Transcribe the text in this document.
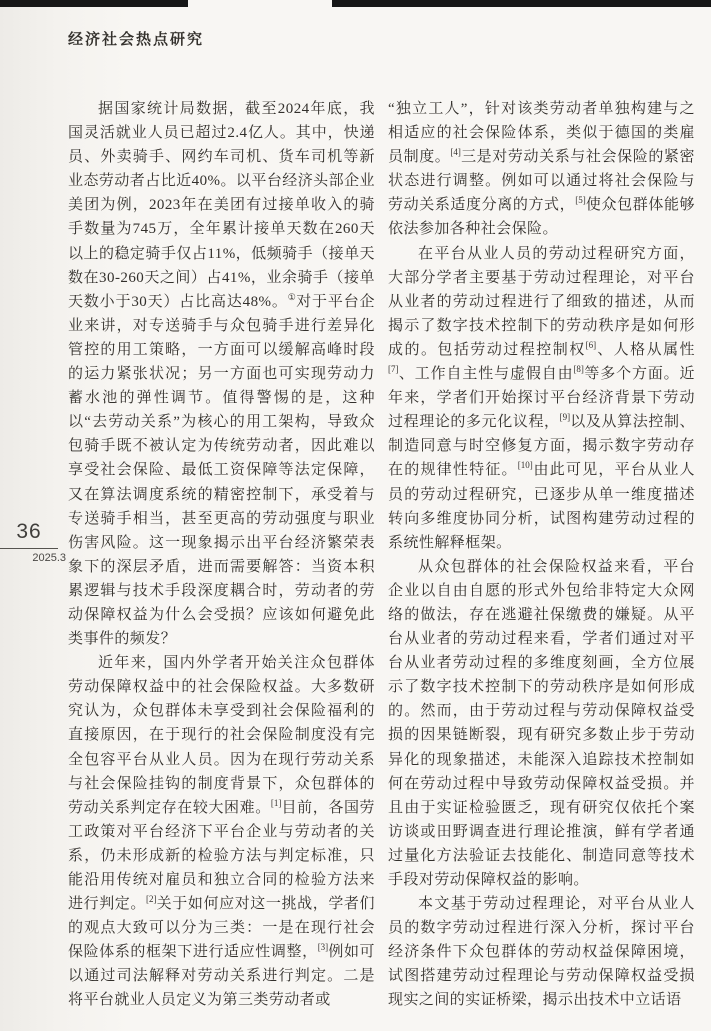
经济社会热点研究
36
2025.3

据国家统计局数据，截至2024年底，我国灵活就业人员已超过2.4亿人。其中，快递员、外卖骑手、网约车司机、货车司机等新业态劳动者占比近40%。以平台经济头部企业美团为例，2023年在美团有过接单收入的骑手数量为745万，全年累计接单天数在260天以上的稳定骑手仅占11%，低频骑手（接单天数在30-260天之间）占41%，业余骑手（接单天数小于30天）占比高达48%。①对于平台企业来讲，对专送骑手与众包骑手进行差异化管控的用工策略，一方面可以缓解高峰时段的运力紧张状况；另一方面也可实现劳动力蓄水池的弹性调节。值得警惕的是，这种以“去劳动关系”为核心的用工架构，导致众包骑手既不被认定为传统劳动者，因此难以享受社会保险、最低工资保障等法定保障，又在算法调度系统的精密控制下，承受着与专送骑手相当，甚至更高的劳动强度与职业伤害风险。这一现象揭示出平台经济繁荣表象下的深层矛盾，进而需要解答：当资本积累逻辑与技术手段深度耦合时，劳动者的劳动保障权益为什么会受损？应该如何避免此类事件的频发？

近年来，国内外学者开始关注众包群体劳动保障权益中的社会保险权益。大多数研究认为，众包群体未享受到社会保险福利的直接原因，在于现行的社会保险制度没有完全包容平台从业人员。因为在现行劳动关系与社会保险挂钩的制度背景下，众包群体的劳动关系判定存在较大困难。[1]目前，各国劳工政策对平台经济下平台企业与劳动者的关系，仍未形成新的检验方法与判定标准，只能沿用传统对雇员和独立合同的检验方法来进行判定。[2]关于如何应对这一挑战，学者们的观点大致可以分为三类：一是在现行社会保险体系的框架下进行适应性调整，[3]例如可以通过司法解释对劳动关系进行判定。二是将平台就业人员定义为第三类劳动者或

“独立工人”，针对该类劳动者单独构建与之相适应的社会保险体系，类似于德国的类雇员制度。[4]三是对劳动关系与社会保险的紧密状态进行调整。例如可以通过将社会保险与劳动关系适度分离的方式，[5]使众包群体能够依法参加各种社会保险。

在平台从业人员的劳动过程研究方面，大部分学者主要基于劳动过程理论，对平台从业者的劳动过程进行了细致的描述，从而揭示了数字技术控制下的劳动秩序是如何形成的。包括劳动过程控制权[6]、人格从属性[7]、工作自主性与虚假自由[8]等多个方面。近年来，学者们开始探讨平台经济背景下劳动过程理论的多元化议程，[9]以及从算法控制、制造同意与时空修复方面，揭示数字劳动存在的规律性特征。[10]由此可见，平台从业人员的劳动过程研究，已逐步从单一维度描述转向多维度协同分析，试图构建劳动过程的系统性解释框架。

从众包群体的社会保险权益来看，平台企业以自由自愿的形式外包给非特定大众网络的做法，存在逃避社保缴费的嫌疑。从平台从业者的劳动过程来看，学者们通过对平台从业者劳动过程的多维度刻画，全方位展示了数字技术控制下的劳动秩序是如何形成的。然而，由于劳动过程与劳动保障权益受损的因果链断裂，现有研究多数止步于劳动异化的现象描述，未能深入追踪技术控制如何在劳动过程中导致劳动保障权益受损。并且由于实证检验匮乏，现有研究仅依托个案访谈或田野调查进行理论推演，鲜有学者通过量化方法验证去技能化、制造同意等技术手段对劳动保障权益的影响。

本文基于劳动过程理论，对平台从业人员的数字劳动过程进行深入分析，探讨平台经济条件下众包群体的劳动权益保障困境，试图搭建劳动过程理论与劳动保障权益受损现实之间的实证桥梁，揭示出技术中立话语
